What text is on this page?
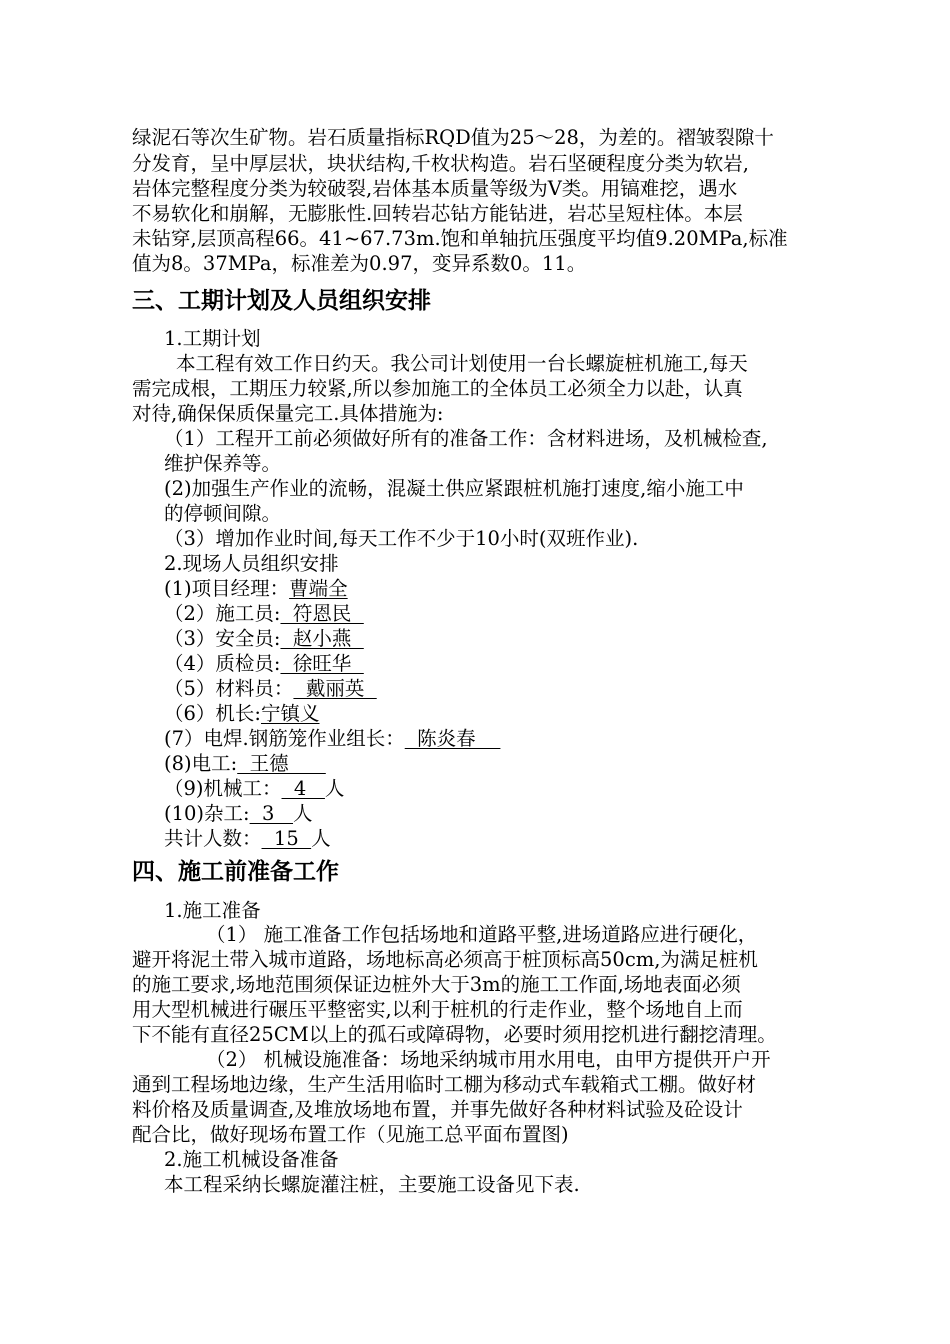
绿泥石等次生矿物。岩石质量指标RQD值为25～28，为差的。褶皱裂隙十
分发育，呈中厚层状，块状结构,千枚状构造。岩石坚硬程度分类为软岩,
岩体完整程度分类为较破裂,岩体基本质量等级为Ⅴ类。用镐难挖，遇水
不易软化和崩解，无膨胀性.回转岩芯钻方能钻进，岩芯呈短柱体。本层
未钻穿,层顶高程66。41~67.73m.饱和单轴抗压强度平均值9.20MPa,标准
值为8。37MPa，标准差为0.97，变异系数0。11。
三、工期计划及人员组织安排
1.工期计划
本工程有效工作日约天。我公司计划使用一台长螺旋桩机施工,每天
需完成根，工期压力较紧,所以参加施工的全体员工必须全力以赴，认真
对待,确保保质保量完工.具体措施为:
（1）工程开工前必须做好所有的准备工作：含材料进场，及机械检查,
维护保养等。
(2)加强生产作业的流畅，混凝土供应紧跟桩机施打速度,缩小施工中
的停顿间隙。
（3）增加作业时间,每天工作不少于10小时(双班作业).
2.现场人员组织安排
(1)项目经理：曹端全
（2）施工员:  符恩民
（3）安全员:  赵小燕
（4）质检员:  徐旺华
（5）材料员：  戴丽英
（6）机长:宁镇义
(7）电焊.钢筋笼作业组长：  陈炎春
(8)电工:  王德
（9)机械工：  4   人
(10)杂工:  3   人
共计人数：  15  人
四、施工前准备工作
1.施工准备
（1） 施工准备工作包括场地和道路平整,进场道路应进行硬化，
避开将泥土带入城市道路，场地标高必须高于桩顶标高50cm,为满足桩机
的施工要求,场地范围须保证边桩外大于3m的施工工作面,场地表面必须
用大型机械进行碾压平整密实,以利于桩机的行走作业，整个场地自上而
下不能有直径25CM以上的孤石或障碍物，必要时须用挖机进行翻挖清理。
（2） 机械设施准备：场地采纳城市用水用电，由甲方提供开户开
通到工程场地边缘，生产生活用临时工棚为移动式车载箱式工棚。做好材
料价格及质量调查,及堆放场地布置，并事先做好各种材料试验及砼设计
配合比，做好现场布置工作（见施工总平面布置图)
2.施工机械设备准备
本工程采纳长螺旋灌注桩，主要施工设备见下表.
